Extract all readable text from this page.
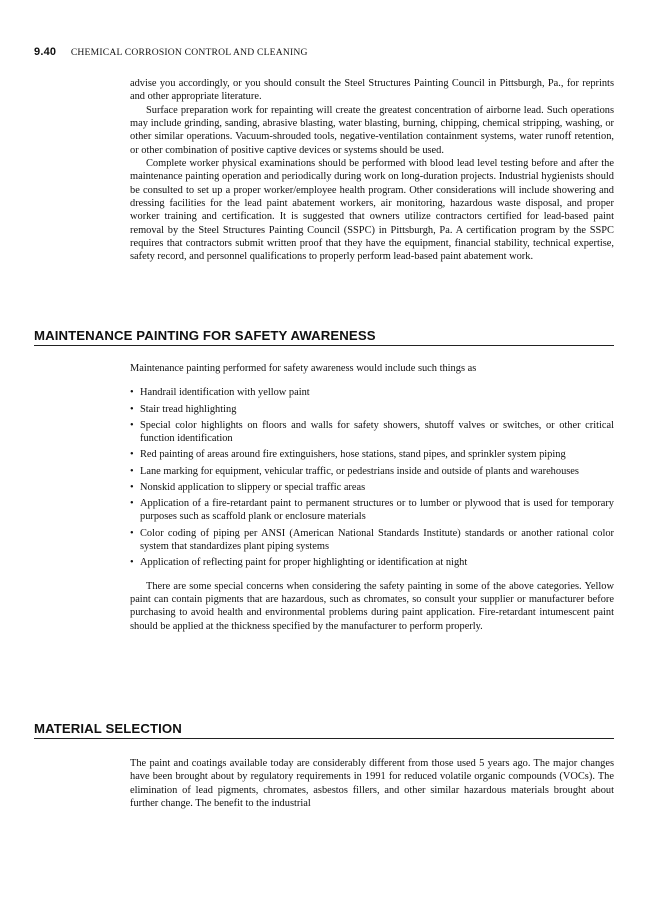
9.40 CHEMICAL CORROSION CONTROL AND CLEANING

advise you accordingly, or you should consult the Steel Structures Painting Council in Pittsburgh, Pa., for reprints and other appropriate literature.

Surface preparation work for repainting will create the greatest concentration of airborne lead. Such operations may include grinding, sanding, abrasive blasting, water blasting, burning, chipping, chemical stripping, washing, or other similar operations. Vacuum-shrouded tools, negative-ventilation containment systems, water runoff retention, or other combination of positive captive devices or systems should be used.

Complete worker physical examinations should be performed with blood lead level testing before and after the maintenance painting operation and periodically during work on long-duration projects. Industrial hygienists should be consulted to set up a proper worker/employee health program. Other considerations will include showering and dressing facilities for the lead paint abatement workers, air monitoring, hazardous waste disposal, and proper worker training and certification. It is suggested that owners utilize contractors certified for lead-based paint removal by the Steel Structures Painting Council (SSPC) in Pittsburgh, Pa. A certification program by the SSPC requires that contractors submit written proof that they have the equipment, financial stability, technical expertise, safety record, and personnel qualifications to properly perform lead-based paint abatement work.

MAINTENANCE PAINTING FOR SAFETY AWARENESS

Maintenance painting performed for safety awareness would include such things as

• Handrail identification with yellow paint
• Stair tread highlighting
• Special color highlights on floors and walls for safety showers, shutoff valves or switches, or other critical function identification
• Red painting of areas around fire extinguishers, hose stations, stand pipes, and sprinkler system piping
• Lane marking for equipment, vehicular traffic, or pedestrians inside and outside of plants and warehouses
• Nonskid application to slippery or special traffic areas
• Application of a fire-retardant paint to permanent structures or to lumber or plywood that is used for temporary purposes such as scaffold plank or enclosure materials
• Color coding of piping per ANSI (American National Standards Institute) standards or another rational color system that standardizes plant piping systems
• Application of reflecting paint for proper highlighting or identification at night

There are some special concerns when considering the safety painting in some of the above categories. Yellow paint can contain pigments that are hazardous, such as chromates, so consult your supplier or manufacturer before purchasing to avoid health and environmental problems during paint application. Fire-retardant intumescent paint should be applied at the thickness specified by the manufacturer to perform properly.

MATERIAL SELECTION

The paint and coatings available today are considerably different from those used 5 years ago. The major changes have been brought about by regulatory requirements in 1991 for reduced volatile organic compounds (VOCs). The elimination of lead pigments, chromates, asbestos fillers, and other similar hazardous materials brought about further change. The benefit to the industrial
